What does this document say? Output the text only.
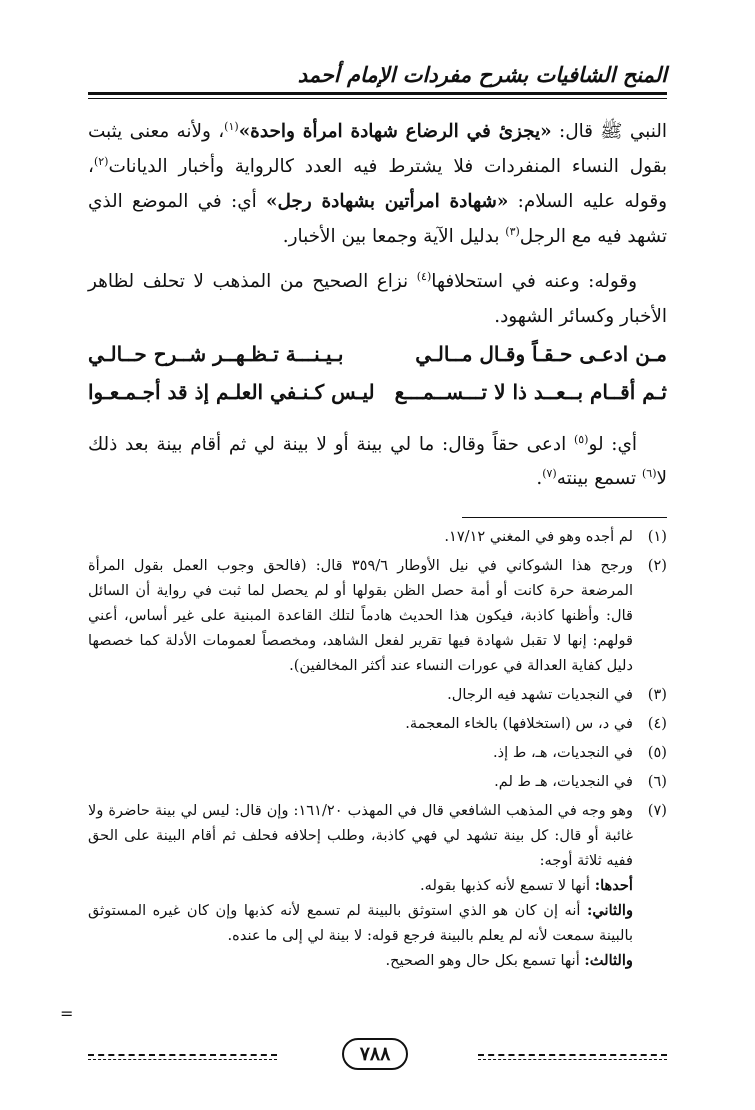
المنح الشافيات بشرح مفردات الإمام أحمد

النبي ﷺ قال: «يجزئ في الرضاع شهادة امرأة واحدة»$^{(١)}$، ولأنه معنى يثبت بقول النساء المنفردات فلا يشترط فيه العدد كالرواية وأخبار الديانات$^{(٢)}$، وقوله عليه السلام: «شهادة امرأتين بشهادة رجل» أي: في الموضع الذي تشهد فيه مع الرجل$^{(٣)}$ بدليل الآية وجمعا بين الأخبار.

وقوله: وعنه في استحلافها$^{(٤)}$ نزاع الصحيح من المذهب لا تحلف لظاهر الأخبار وكسائر الشهود.

مـن ادعـى حـقـاً وقـال مــالـي
بـيـنـــة تـظـهــر شــرح حــالـي
ثـم أقــام بــعــد ذا لا تـــســمـــع
ليـس كـنـفي العلـم إذ قد أجـمـعـوا

أي: لو$^{(٥)}$ ادعى حقاً وقال: ما لي بينة أو لا بينة لي ثم أقام بينة بعد ذلك لا$^{(٦)}$ تسمع بينته$^{(٧)}$.

(١)
لم أجده وهو في المغني ١٧/١٢.
(٢)
ورجح هذا الشوكاني في نيل الأوطار ٣٥٩/٦ قال: (فالحق وجوب العمل بقول المرأة المرضعة حرة كانت أو أمة حصل الظن بقولها أو لم يحصل لما ثبت في رواية أن السائل قال: وأظنها كاذبة، فيكون هذا الحديث هادماً لتلك القاعدة المبنية على غير أساس، أعني قولهم: إنها لا تقبل شهادة فيها تقرير لفعل الشاهد، ومخصصاً لعمومات الأدلة كما خصصها دليل كفاية العدالة في عورات النساء عند أكثر المخالفين).
(٣)
في النجديات تشهد فيه الرجال.
(٤)
في د، س (استخلافها) بالخاء المعجمة.
(٥)
في النجديات، هـ، ط إذ.
(٦)
في النجديات، هـ ط لم.
(٧)
وهو وجه في المذهب الشافعي قال في المهذب ١٦١/٢٠: وإن قال: ليس لي بينة حاضرة ولا غائبة أو قال: كل بينة تشهد لي فهي كاذبة، وطلب إحلافه فحلف ثم أقام البينة على الحق ففيه ثلاثة أوجه:
أحدها: أنها لا تسمع لأنه كذبها بقوله.
والثاني: أنه إن كان هو الذي استوثق بالبينة لم تسمع لأنه كذبها وإن كان غيره المستوثق بالبينة سمعت لأنه لم يعلم بالبينة فرجع قوله: لا بينة لي إلى ما عنده.
والثالث: أنها تسمع بكل حال وهو الصحيح.
=
٧٨٨
